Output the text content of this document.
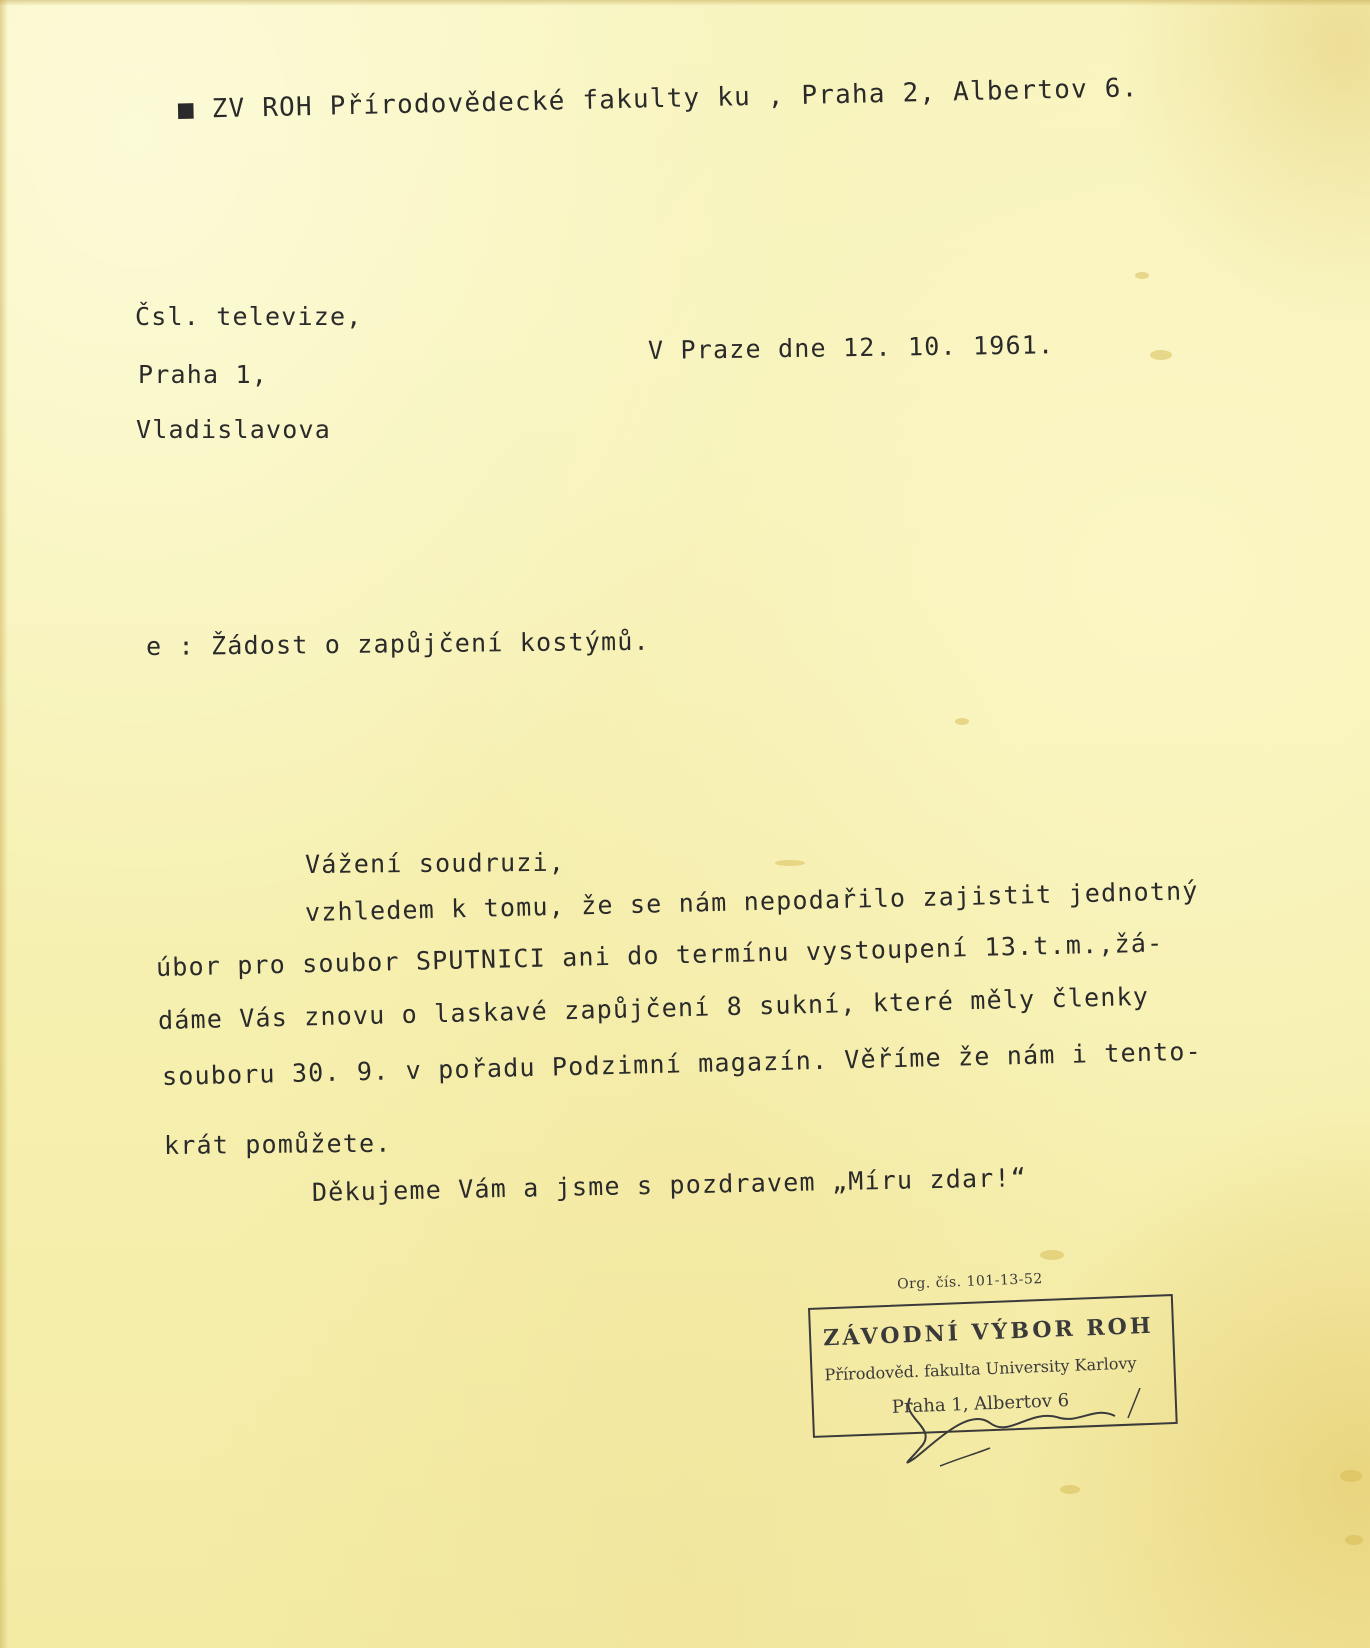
■ ZV ROH Přírodovědecké fakulty ku , Praha 2, Albertov 6.
Čsl. televize,
Praha 1,
Vladislavova
V Praze dne 12. 10. 1961.
e : Žádost o zapůjčení kostýmů.
Vážení soudruzi,
vzhledem k tomu, že se nám nepodařilo zajistit jednotný
úbor pro soubor SPUTNICI ani do termínu vystoupení 13.t.m.,žá-
dáme Vás znovu o laskavé zapůjčení 8 sukní, které měly členky
souboru 30. 9. v pořadu Podzimní magazín. Věříme že nám i tento-
krát pomůžete.
Děkujeme Vám a jsme s pozdravem „Míru zdar!“
Org. čís. 101-13-52
ZÁVODNÍ VÝBOR ROH
Přírodověd. fakulta University Karlovy
Praha 1, Albertov 6
